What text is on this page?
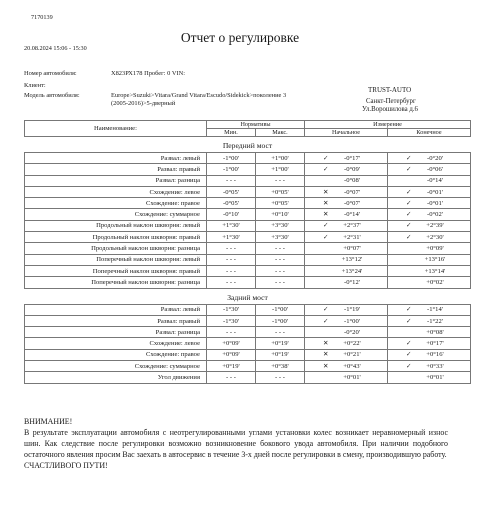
7170139
20.08.2024 15:06 - 15:30
Отчет о регулировке
Номер автомобиля:	Х823РХ178 Пробег: 0 VIN:
Клиент:
Модель автомобиля:	Europe>Suzuki>Vitara/Grand Vitara/Escudo/Sidekick>поколение 3
(2005-2016)>5-дверный
TRUST-AUTO
Санкт-Петербург
Ул.Ворошилова д.6
Наименование:	Нормативы		Измерение	
	Мин.	Макс.	Начальное	Конечное
Передний мост				
Развал: левый	-1°00'	+1°00'	✓ -0°17'	✓ -0°20'
Развал: правый	-1°00'	+1°00'	✓ -0°09'	✓ -0°06'
Развал: разница	- - -	- - -	-0°08'	-0°14'
Схождение: левое	-0°05'	+0°05'	✕ -0°07'	✓ -0°01'
Схождение: правое	-0°05'	+0°05'	✕ -0°07'	✓ -0°01'
Схождение: суммарное	-0°10'	+0°10'	✕ -0°14'	✓ -0°02'
Продольный наклон шкворня: левый	+1°30'	+3°30'	✓ +2°37'	✓ +2°39'
Продольный наклон шкворня: правый	+1°30'	+3°30'	✓ +2°31'	✓ +2°30'
Продольный наклон шкворня: разница	- - -	- - -	+0°07'	+0°09'
Поперечный наклон шкворня: левый	- - -	- - -	+13°12'	+13°16'
Поперечный наклон шкворня: правый	- - -	- - -	+13°24'	+13°14'
Поперечный наклон шкворня: разница	- - -	- - -	-0°12'	+0°02'
Задний мост				
Развал: левый	-1°30'	-1°00'	✓ -1°19'	✓ -1°14'
Развал: правый	-1°30'	-1°00'	✓ -1°00'	✓ -1°22'
Развал: разница	- - -	- - -	-0°20'	+0°08'
Схождение: левое	+0°09'	+0°19'	✕ +0°22'	✓ +0°17'
Схождение: правое	+0°09'	+0°19'	✕ +0°21'	✓ +0°16'
Схождение: суммарное	+0°19'	+0°38'	✕ +0°43'	✓ +0°33'
Угол движения	- - -	- - -	+0°01'	+0°01'

ВНИМАНИЕ!

В результате эксплуатации автомобиля с неотрегулированными углами установки колес возникает неравномерный износ шин. Как следствие после регулировки возможно возникновение бокового увода автомобиля. При наличии подобного остаточного явления просим Вас заехать в автосервис в течение 3-х дней после регулировки в смену, производившую работу.

СЧАСТЛИВОГО ПУТИ!
